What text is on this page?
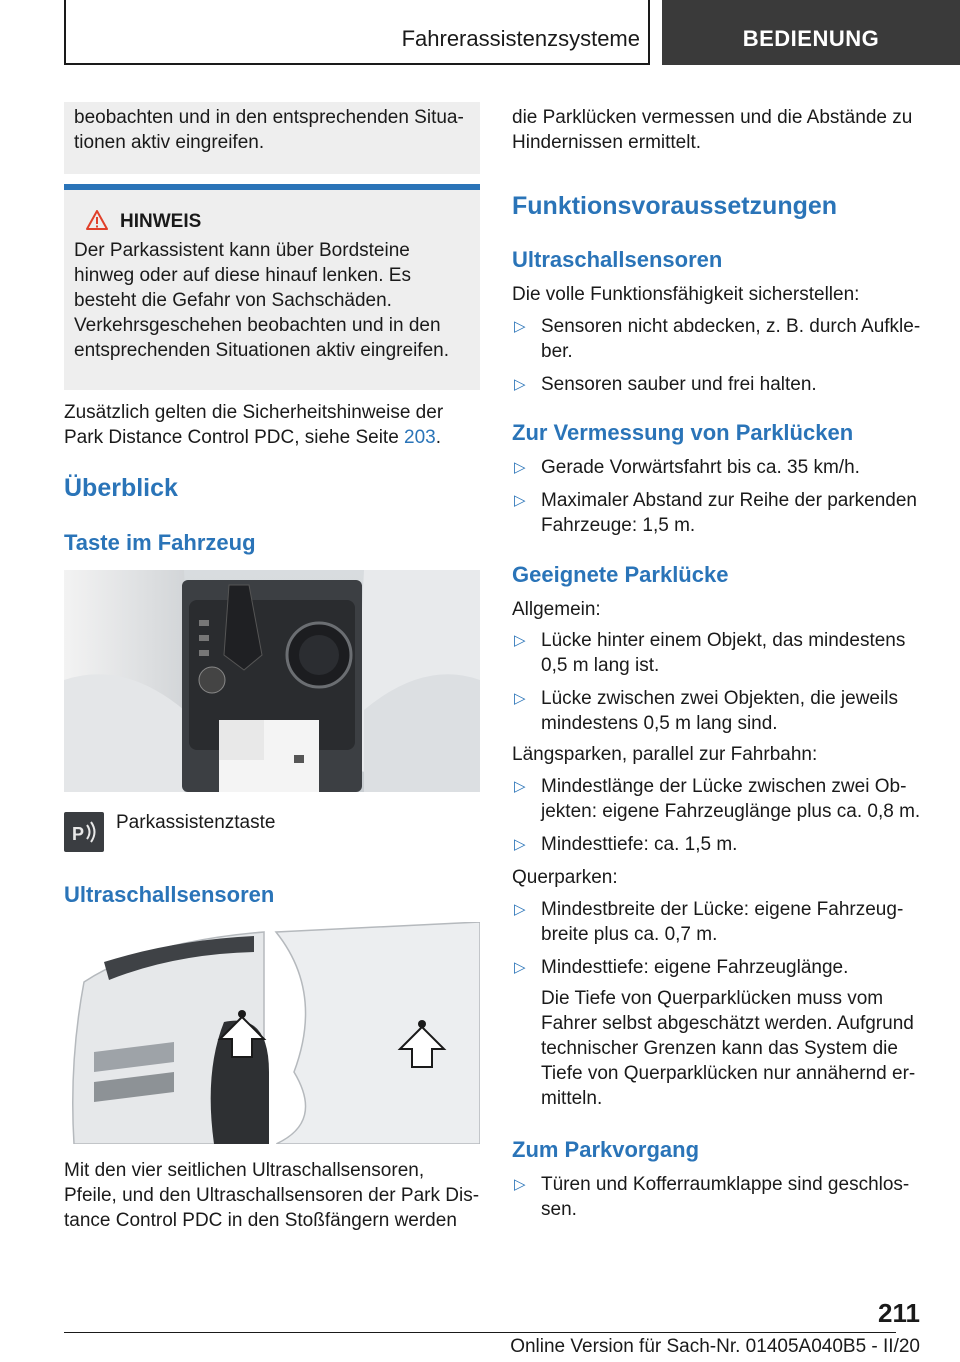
Fahrerassistenzsysteme	BEDIENUNG
beobachten und in den entsprechenden Situationen aktiv eingreifen.
HINWEIS
Der Parkassistent kann über Bordsteine hinweg oder auf diese hinauf lenken. Es besteht die Gefahr von Sachschäden. Verkehrsgeschehen beobachten und in den entsprechenden Situationen aktiv eingreifen.
Zusätzlich gelten die Sicherheitshinweise der Park Distance Control PDC, siehe Seite 203.
Überblick
Taste im Fahrzeug
P
Parkassistenztaste
Ultraschallsensoren
Mit den vier seitlichen Ultraschallsensoren, Pfeile, und den Ultraschallsensoren der Park Distance Control PDC in den Stoßfängern werden
die Parklücken vermessen und die Abstände zu Hindernissen ermittelt.
Funktionsvoraussetzungen
Ultraschallsensoren
Die volle Funktionsfähigkeit sicherstellen:
▷ Sensoren nicht abdecken, z. B. durch Aufkleber.
▷ Sensoren sauber und frei halten.
Zur Vermessung von Parklücken
▷ Gerade Vorwärtsfahrt bis ca. 35 km/h.
▷ Maximaler Abstand zur Reihe der parkenden Fahrzeuge: 1,5 m.
Geeignete Parklücke
Allgemein:
▷ Lücke hinter einem Objekt, das mindestens 0,5 m lang ist.
▷ Lücke zwischen zwei Objekten, die jeweils mindestens 0,5 m lang sind.
Längsparken, parallel zur Fahrbahn:
▷ Mindestlänge der Lücke zwischen zwei Objekten: eigene Fahrzeuglänge plus ca. 0,8 m.
▷ Mindesttiefe: ca. 1,5 m.
Querparken:
▷ Mindestbreite der Lücke: eigene Fahrzeugbreite plus ca. 0,7 m.
▷ Mindesttiefe: eigene Fahrzeuglänge.
Die Tiefe von Querparklücken muss vom Fahrer selbst abgeschätzt werden. Aufgrund technischer Grenzen kann das System die Tiefe von Querparklücken nur annähernd ermitteln.
Zum Parkvorgang
▷ Türen und Kofferraumklappe sind geschlossen.
211
Online Version für Sach-Nr. 01405A040B5 - II/20
